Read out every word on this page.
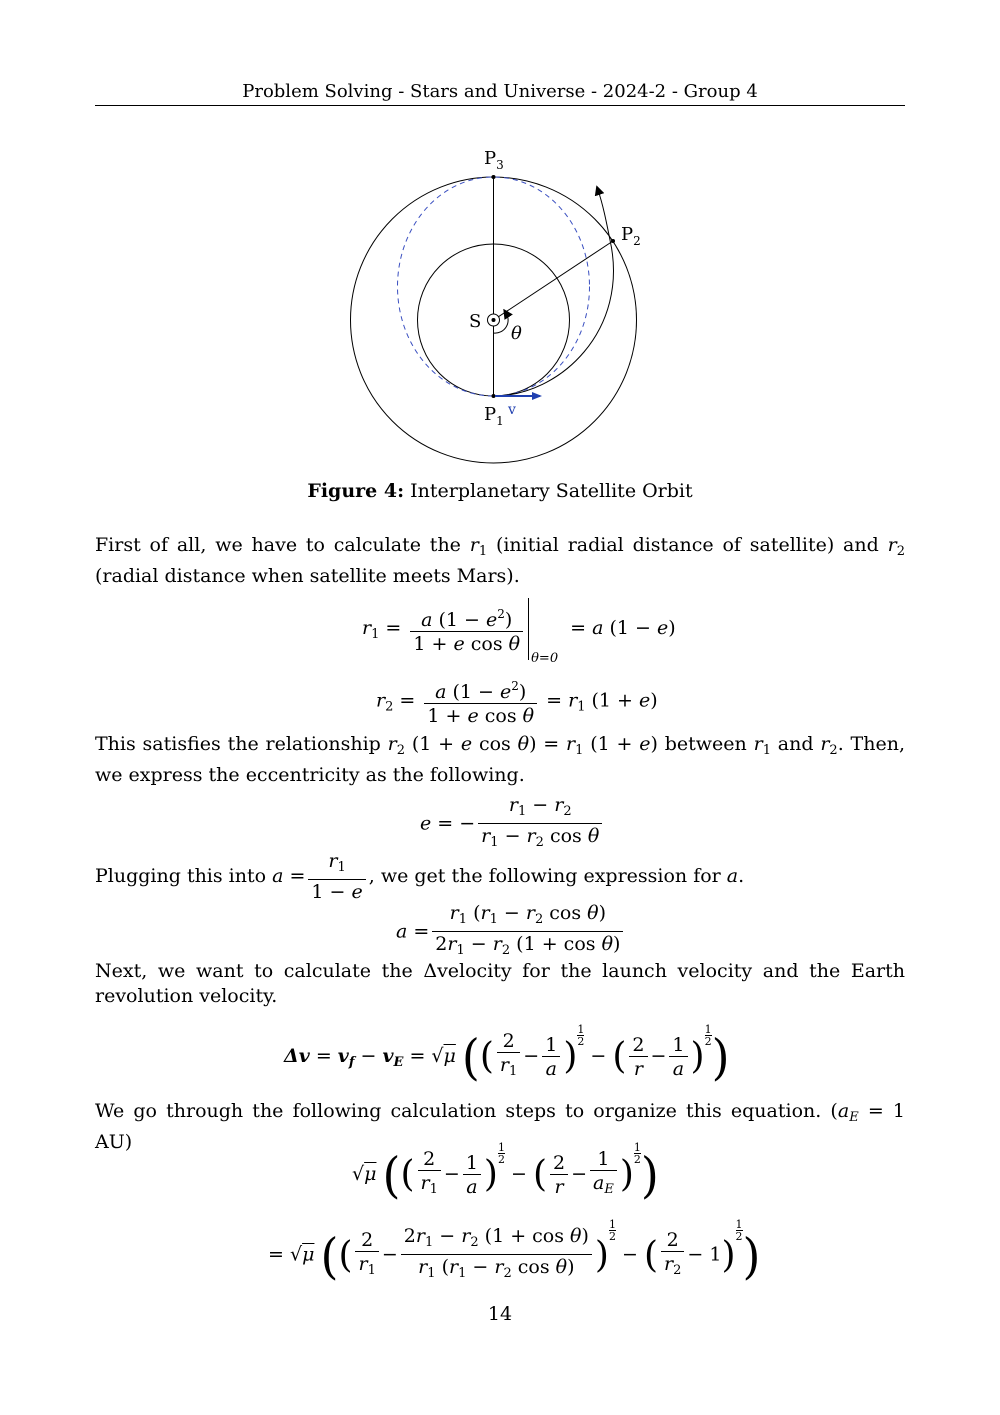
Problem Solving - Stars and Universe - 2024-2 - Group 4
$P_3$
$P_2$
S
θ
$P_1$
v
Figure 4: Interplanetary Satellite Orbit
First of all, we have to calculate the $r_1$ (initial radial distance of satellite) and $r_2$ (radial distance when satellite meets Mars).
$r_1 = \frac{a (1 - e^2)}{\text{1 + e cos θ}}$
$_{\theta=0}$  = a (1 − e)
$r_2 = \frac{a (1 - e^2)}{\text{1 + e cos θ}} = r_1$ (1 + e)
This satisfies the relationship $r_2$ (1 + e $\cos \theta) = r_1$ (1 + e) between $r_1$ and $r_2$. Then, we express the eccentricity as the following.
e = − $\frac{r_1 - r_2}{r_1 - r_2 \cos \theta}$
Plugging this into $a = \frac{r_1}{1 - e}$ , we get the following expression for a.
$a = \frac{r_1 (r_1 - r_2 \cos \theta)}{2r_1 - r_2 (1 + \cos \theta)}$
Next, we want to calculate the Δvelocity for the launch velocity and the Earth revolution velocity.
$\Delta v = v_f - v_E = √\mu$ (( $\frac{2}{r_1} - \frac{1}{a}$ )
$\frac{1}{2}$
− ( $\frac{2}{r} - \frac{1}{a}$ )
$\frac{1}{2}$ )
We go through the following calculation steps to organize this equation. ($a_E = 1$ AU)
√μ (( $\frac{2}{r_1} - \frac{1}{a}$ )
$\frac{1}{2}$
− ( $\frac{2}{r} - \frac{1}{a_E}$ )
$\frac{1}{2}$ )
= √μ (( $\frac{2}{r_1} - \frac{2r_1 - r_2 (1 + \cos \theta)}{r_1 (r_1 - r_2 \cos \theta)}$ )
$\frac{1}{2}$
− ( $\frac{2}{r_2} - 1$)
$\frac{1}{2}$ )
14
